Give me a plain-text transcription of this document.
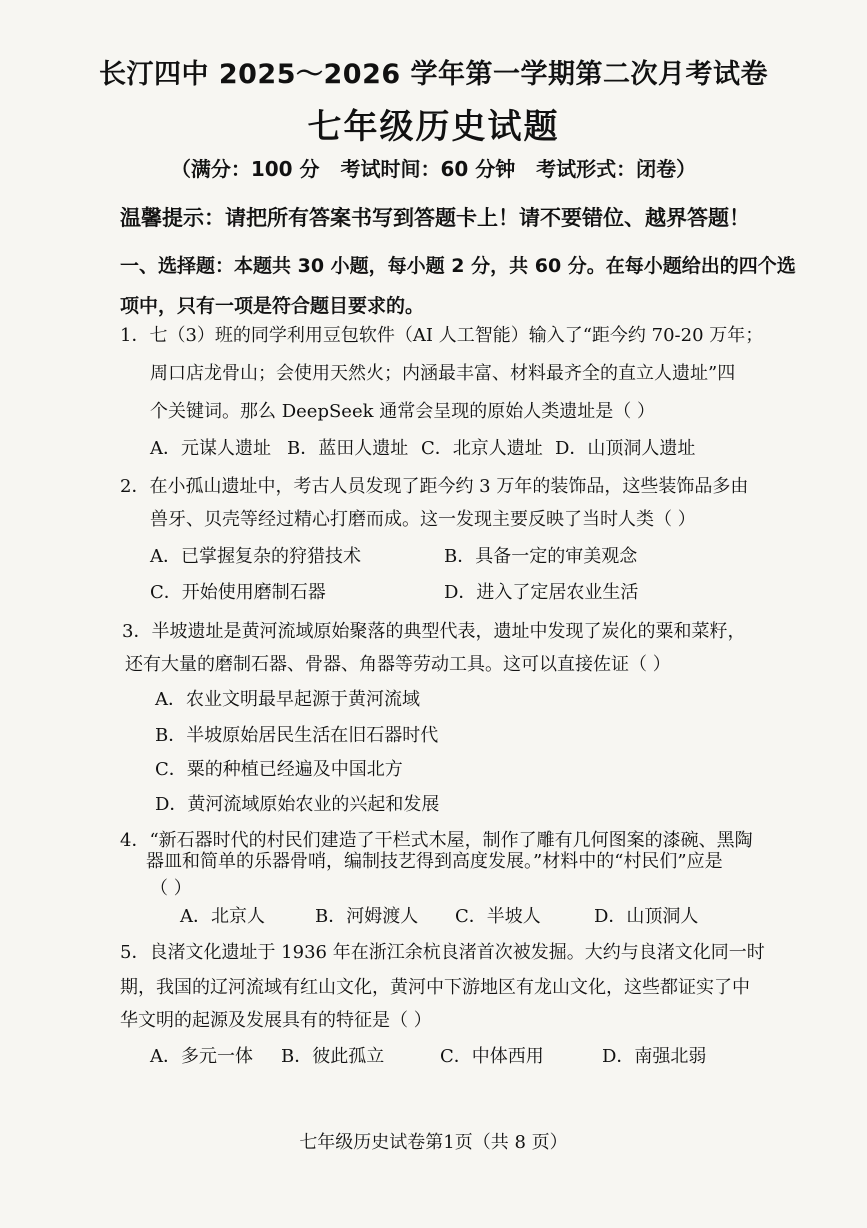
长汀四中 2025～2026 学年第一学期第二次月考试卷
七年级历史试题
（满分：100 分   考试时间：60 分钟   考试形式：闭卷）
温馨提示：请把所有答案书写到答题卡上！请不要错位、越界答题！
一、选择题：本题共 30 小题，每小题 2 分，共 60 分。在每小题给出的四个选
项中，只有一项是符合题目要求的。
1．七（3）班的同学利用豆包软件（AI 人工智能）输入了“距今约 70-20 万年；
周口店龙骨山；会使用天然火；内涵最丰富、材料最齐全的直立人遗址”四
个关键词。那么 DeepSeek 通常会呈现的原始人类遗址是（ ）
A．元谋人遗址 B．蓝田人遗址 C．北京人遗址 D．山顶洞人遗址
2．在小孤山遗址中，考古人员发现了距今约 3 万年的装饰品，这些装饰品多由
兽牙、贝壳等经过精心打磨而成。这一发现主要反映了当时人类（ ）
A．已掌握复杂的狩猎技术	B．具备一定的审美观念
C．开始使用磨制石器	D．进入了定居农业生活
3．半坡遗址是黄河流域原始聚落的典型代表，遗址中发现了炭化的粟和菜籽，
还有大量的磨制石器、骨器、角器等劳动工具。这可以直接佐证（ ）
A．农业文明最早起源于黄河流域
B．半坡原始居民生活在旧石器时代
C．粟的种植已经遍及中国北方
D．黄河流域原始农业的兴起和发展
4．“新石器时代的村民们建造了干栏式木屋，制作了雕有几何图案的漆碗、黑陶
器皿和简单的乐器骨哨，编制技艺得到高度发展。”材料中的“村民们”应是
（ ）
A．北京人	B．河姆渡人 C．半坡人	D．山顶洞人
5．良渚文化遗址于 1936 年在浙江余杭良渚首次被发掘。大约与良渚文化同一时
期，我国的辽河流域有红山文化，黄河中下游地区有龙山文化，这些都证实了中
华文明的起源及发展具有的特征是（ ）
A．多元一体 B．彼此孤立	C．中体西用	D．南强北弱
七年级历史试卷第1页（共 8 页）
